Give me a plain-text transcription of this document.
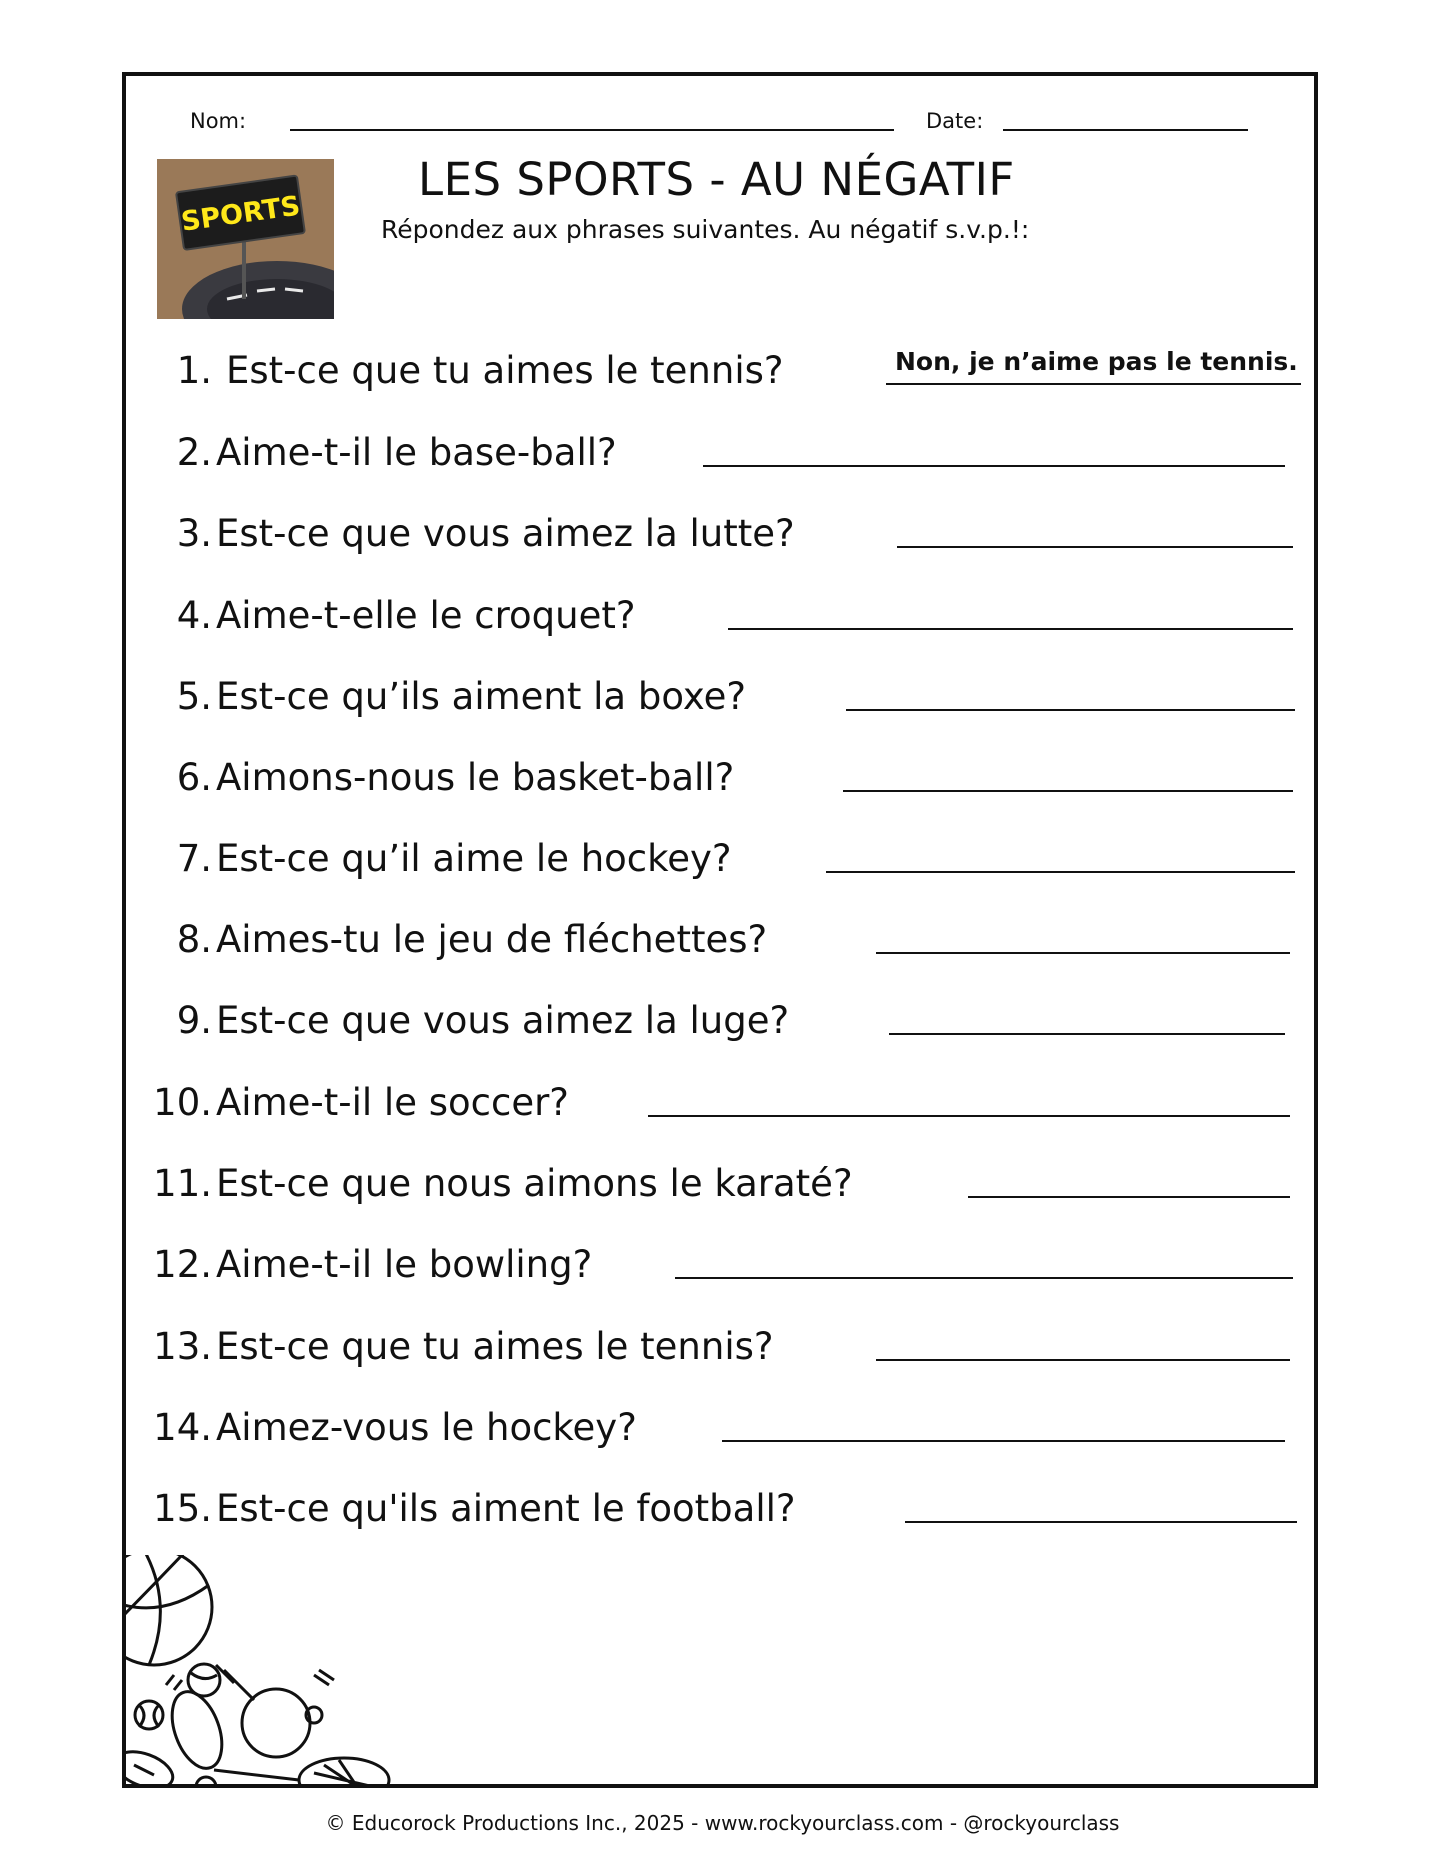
Nom:	Date:
SPORTS
LES SPORTS - AU NÉGATIF
Répondez aux phrases suivantes. Au négatif s.v.p.!:
Non, je n’aime pas le tennis.
1. Est-ce que tu aimes le tennis?
2. Aime-t-il le base-ball?
3. Est-ce que vous aimez la lutte?
4. Aime-t-elle le croquet?
5. Est-ce qu’ils aiment la boxe?
6. Aimons-nous le basket-ball?
7. Est-ce qu’il aime le hockey?
8. Aimes-tu le jeu de fléchettes?
9. Est-ce que vous aimez la luge?
10. Aime-t-il le soccer?
11. Est-ce que nous aimons le karaté?
12. Aime-t-il le bowling?
13. Est-ce que tu aimes le tennis?
14. Aimez-vous le hockey?
15. Est-ce qu'ils aiment le football?
© Educorock Productions Inc., 2025 - www.rockyourclass.com - @rockyourclass
